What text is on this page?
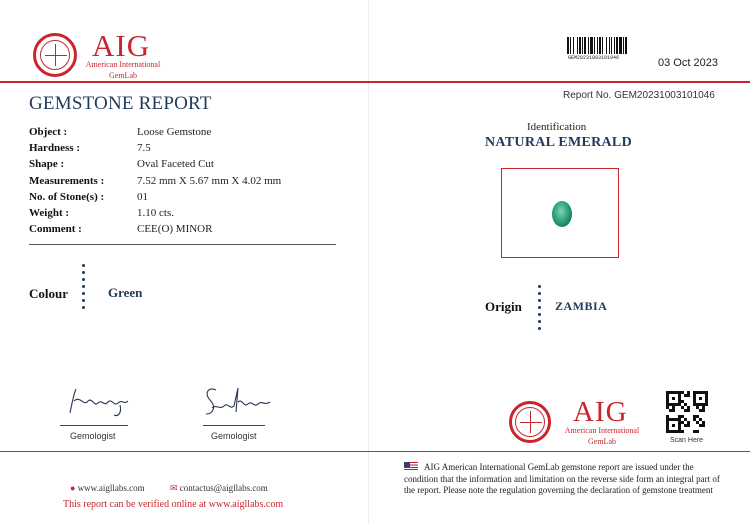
AIG
American International
GemLab
GEM20231003101046	03 Oct 2023
GEMSTONE REPORT	Report No. GEM20231003101046
Object :	Loose Gemstone
Hardness :	7.5
Shape :	Oval Faceted Cut
Measurements :	7.52 mm X 5.67 mm X 4.02 mm
No. of Stone(s) :	01
Weight :	1.10 cts.
Comment :	CEE(O) MINOR
Colour	Green
Gemologist	Gemologist
● www.aigllabs.com	✉ contactus@aigllabs.com
This report can be verified online at www.aigllabs.com
Identification
NATURAL EMERALD
Origin	ZAMBIA
AIG
American International
GemLab	Scan Here
AIG American International GemLab gemstone report are issued under the condition that the information and limitation on the reverse side form an integral part of the report. Please note the regulation governing the declaration of gemstone treatment
